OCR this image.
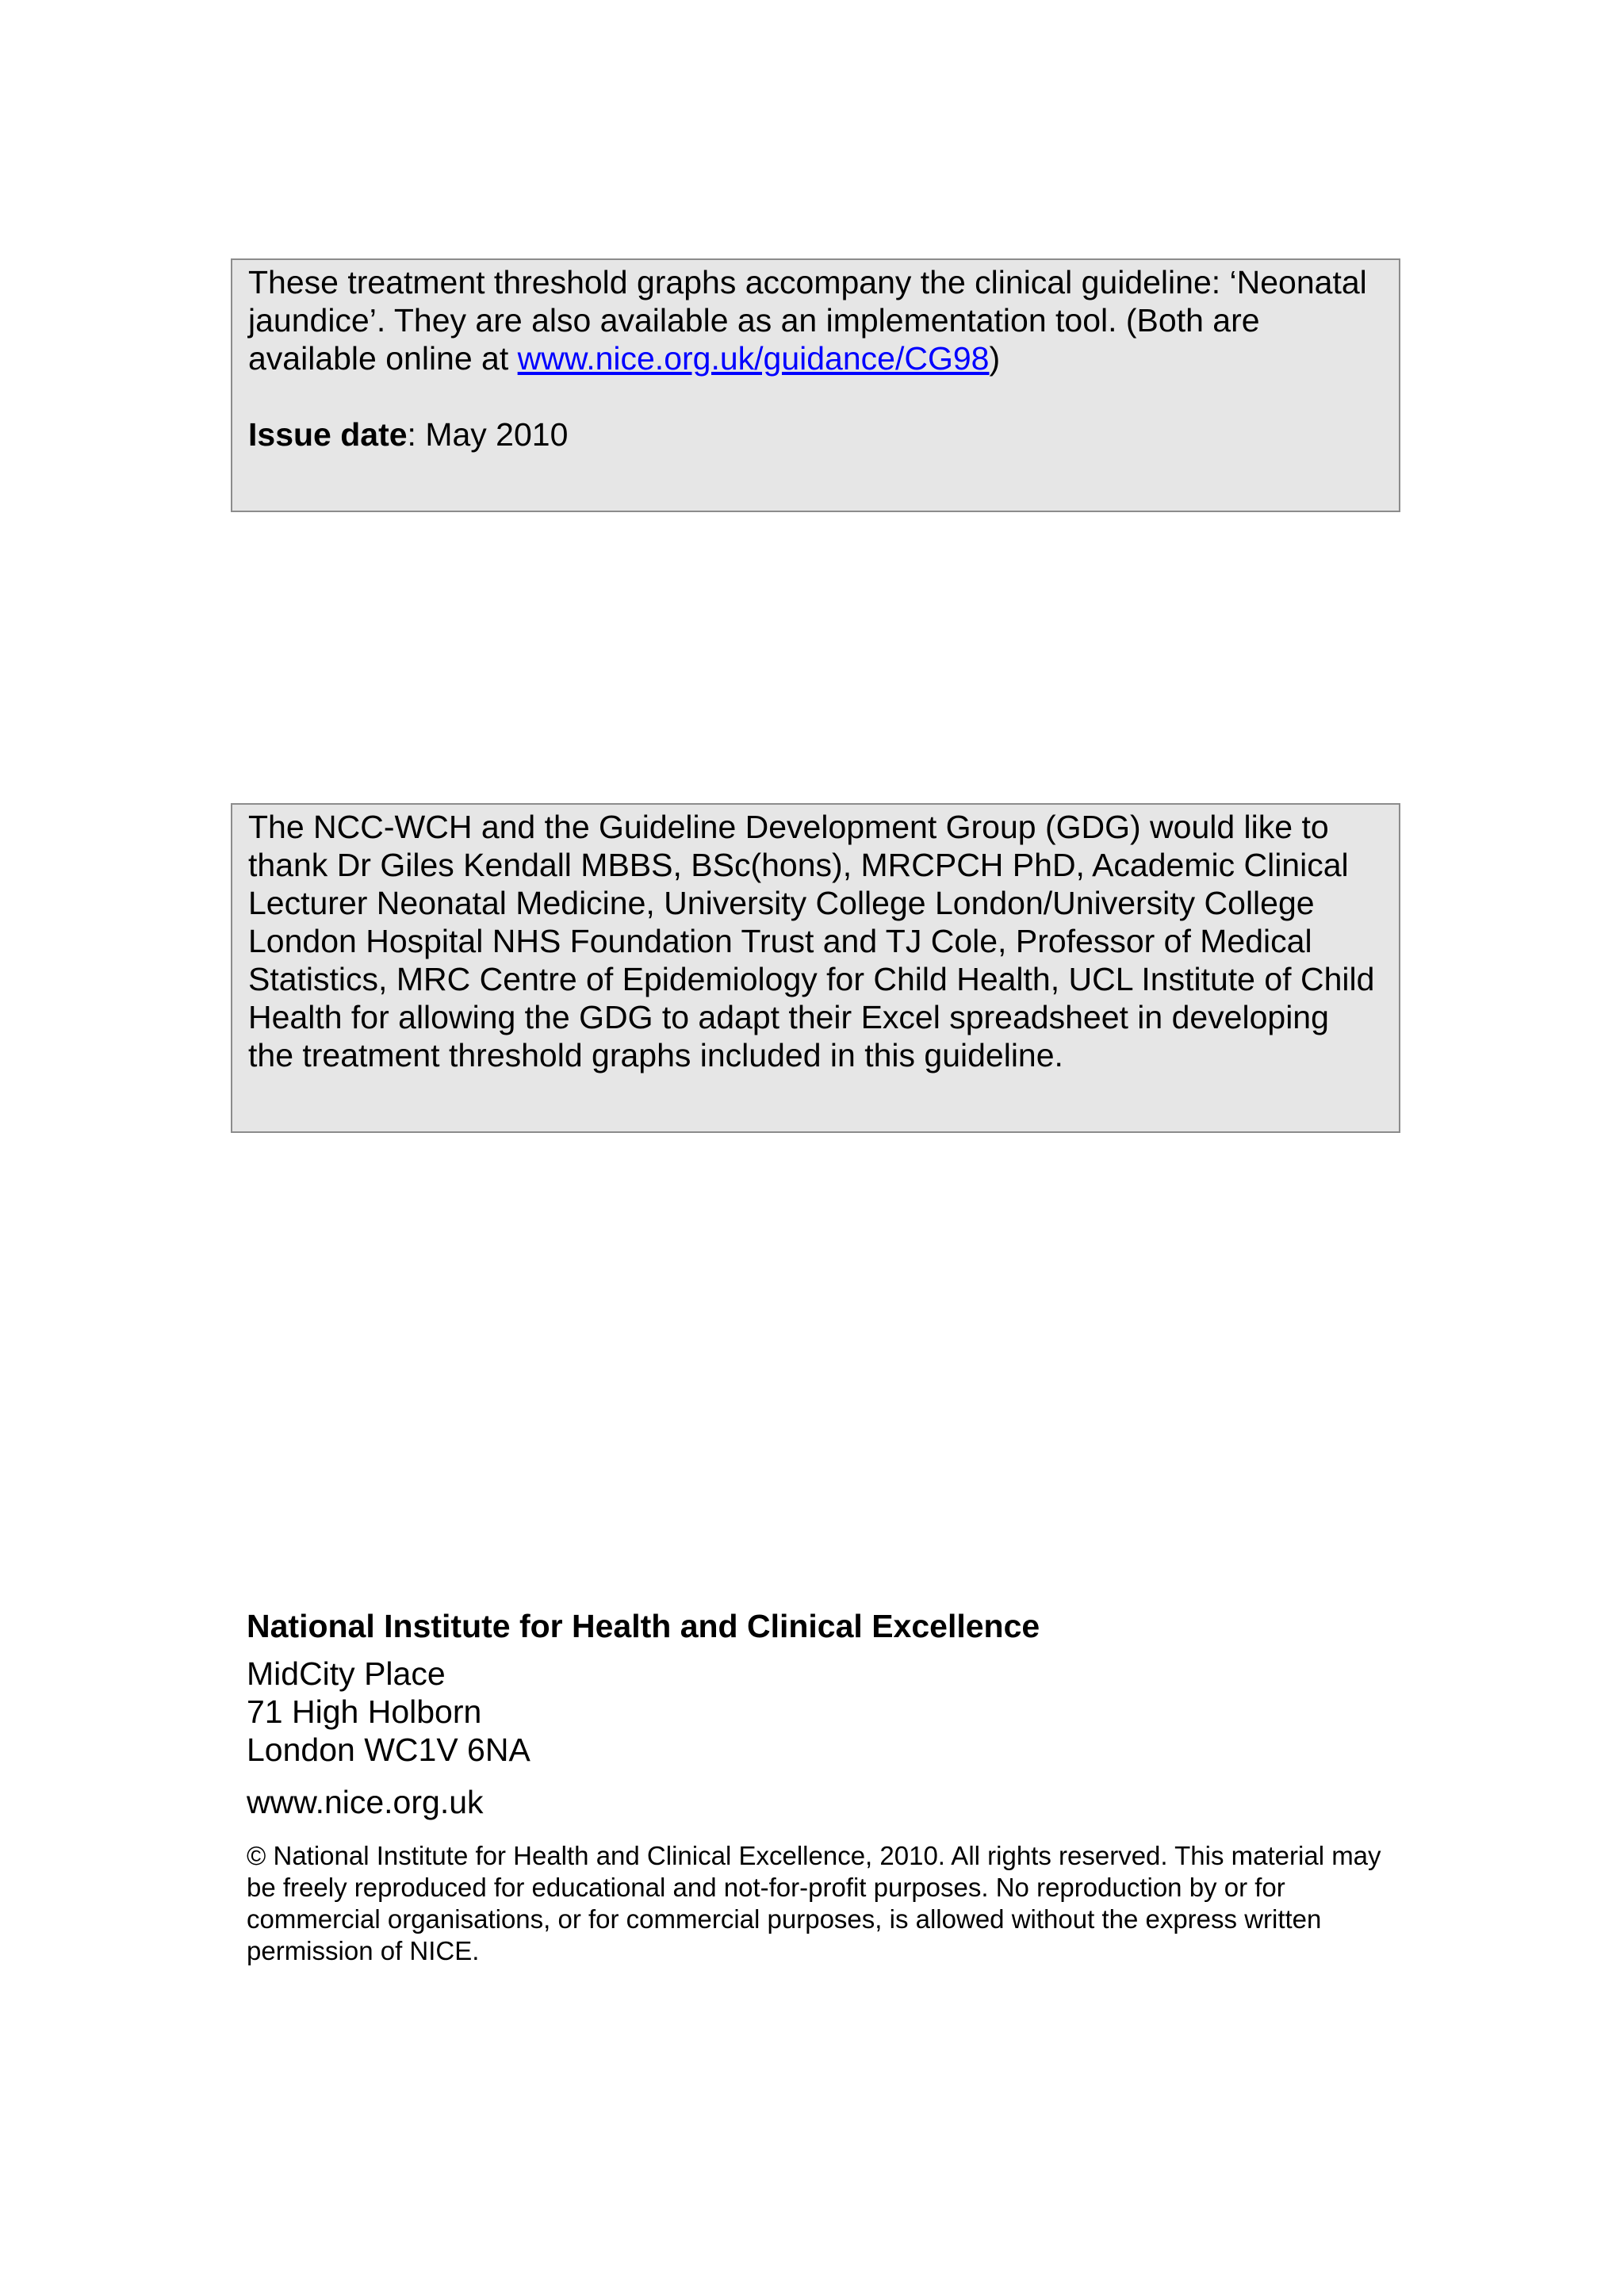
These treatment threshold graphs accompany the clinical guideline: ‘Neonatal jaundice’. They are also available as an implementation tool. (Both are available online at www.nice.org.uk/guidance/CG98)

Issue date: May 2010

The NCC-WCH and the Guideline Development Group (GDG) would like to thank Dr Giles Kendall MBBS, BSc(hons), MRCPCH PhD, Academic Clinical Lecturer Neonatal Medicine, University College London/University College London Hospital NHS Foundation Trust and TJ Cole, Professor of Medical Statistics, MRC Centre of Epidemiology for Child Health, UCL Institute of Child Health for allowing the GDG to adapt their Excel spreadsheet in developing the treatment threshold graphs included in this guideline.

National Institute for Health and Clinical Excellence

MidCity Place
71 High Holborn
London WC1V 6NA

www.nice.org.uk

© National Institute for Health and Clinical Excellence, 2010. All rights reserved. This material may be freely reproduced for educational and not-for-profit purposes. No reproduction by or for commercial organisations, or for commercial purposes, is allowed without the express written permission of NICE.
